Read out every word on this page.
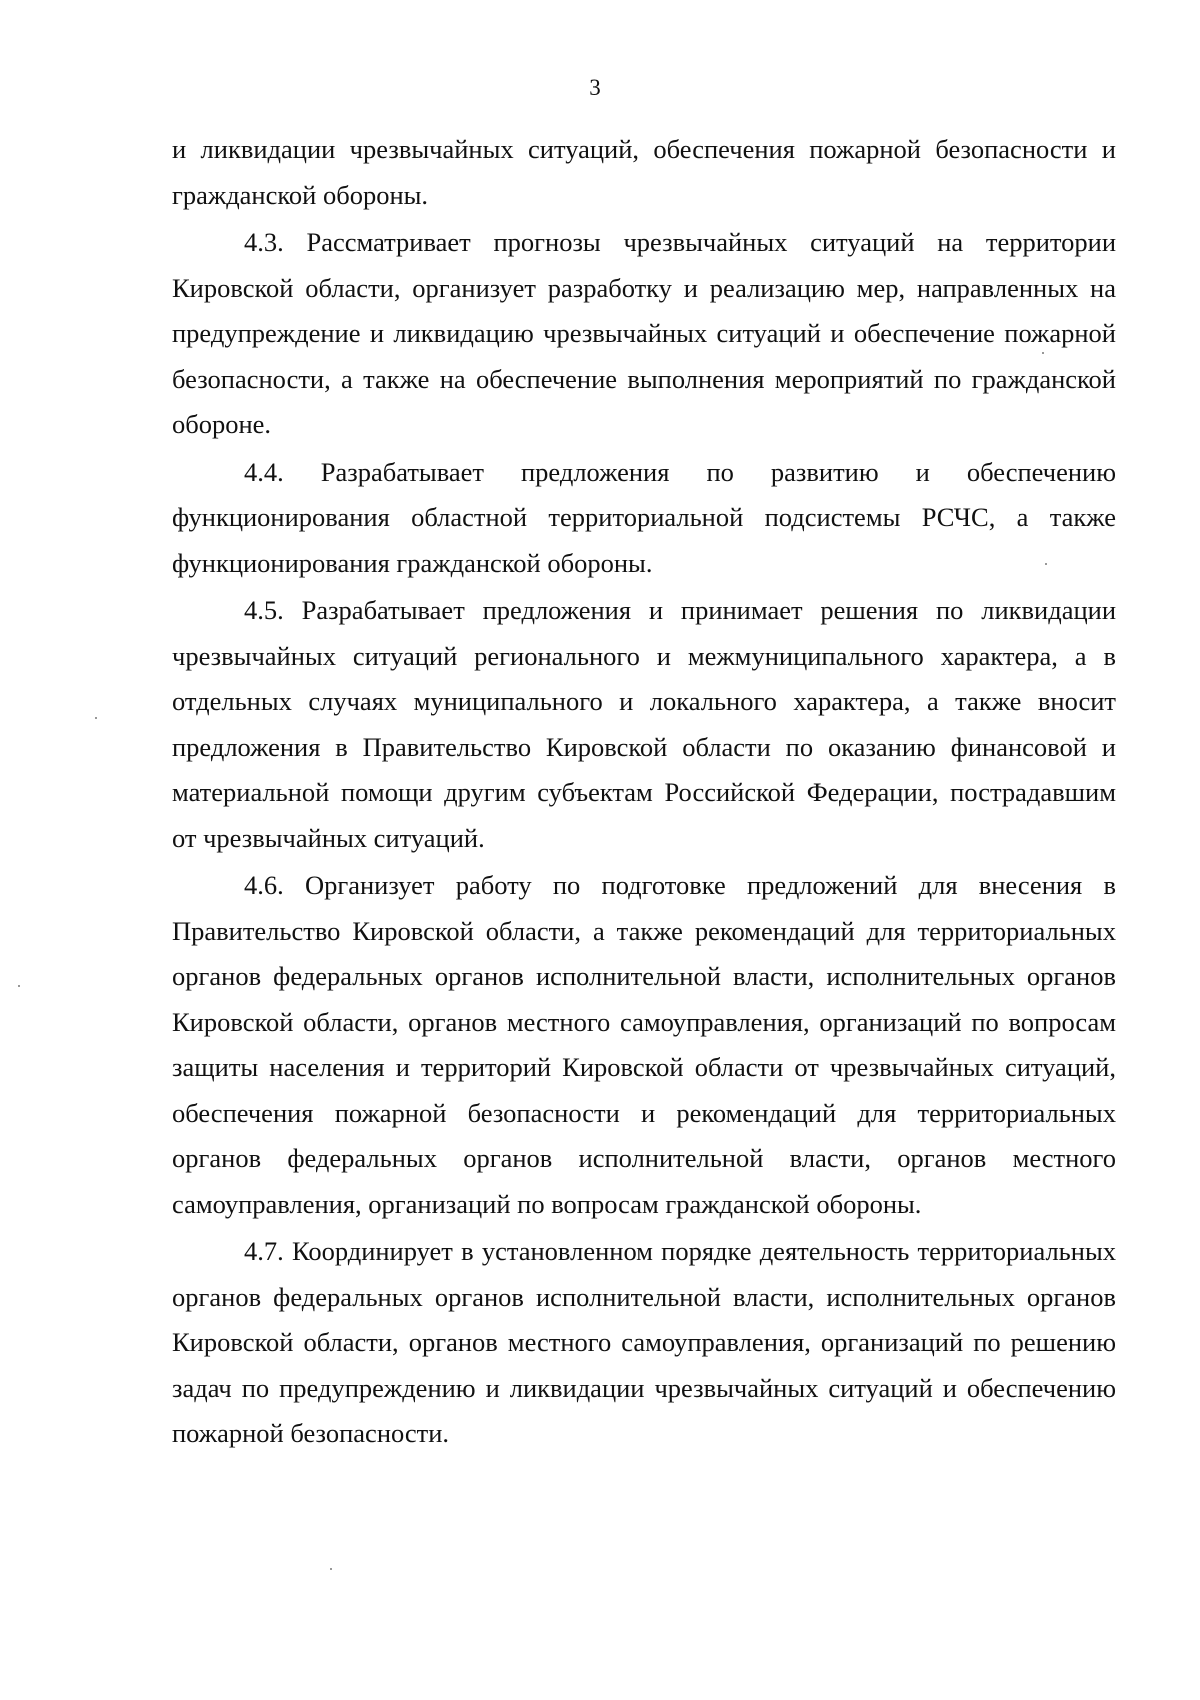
3

и ликвидации чрезвычайных ситуаций, обеспечения пожарной безопасности и гражданской обороны.

4.3. Рассматривает прогнозы чрезвычайных ситуаций на территории Кировской области, организует разработку и реализацию мер, направленных на предупреждение и ликвидацию чрезвычайных ситуаций и обеспечение пожарной безопасности, а также на обеспечение выполнения мероприятий по гражданской обороне.

4.4. Разрабатывает предложения по развитию и обеспечению функционирования областной территориальной подсистемы РСЧС, а также функционирования гражданской обороны.

4.5. Разрабатывает предложения и принимает решения по ликвидации чрезвычайных ситуаций регионального и межмуниципального характера, а в отдельных случаях муниципального и локального характера, а также вносит предложения в Правительство Кировской области по оказанию финансовой и материальной помощи другим субъектам Российской Федерации, пострадавшим от чрезвычайных ситуаций.

4.6. Организует работу по подготовке предложений для внесения в Правительство Кировской области, а также рекомендаций для территориальных органов федеральных органов исполнительной власти, исполнительных органов Кировской области, органов местного самоуправления, организаций по вопросам защиты населения и территорий Кировской области от чрезвычайных ситуаций, обеспечения пожарной безопасности и рекомендаций для территориальных органов федеральных органов исполнительной власти, органов местного самоуправления, организаций по вопросам гражданской обороны.

4.7. Координирует в установленном порядке деятельность территориальных органов федеральных органов исполнительной власти, исполнительных органов Кировской области, органов местного самоуправления, организаций по решению задач по предупреждению и ликвидации чрезвычайных ситуаций и обеспечению пожарной безопасности.
